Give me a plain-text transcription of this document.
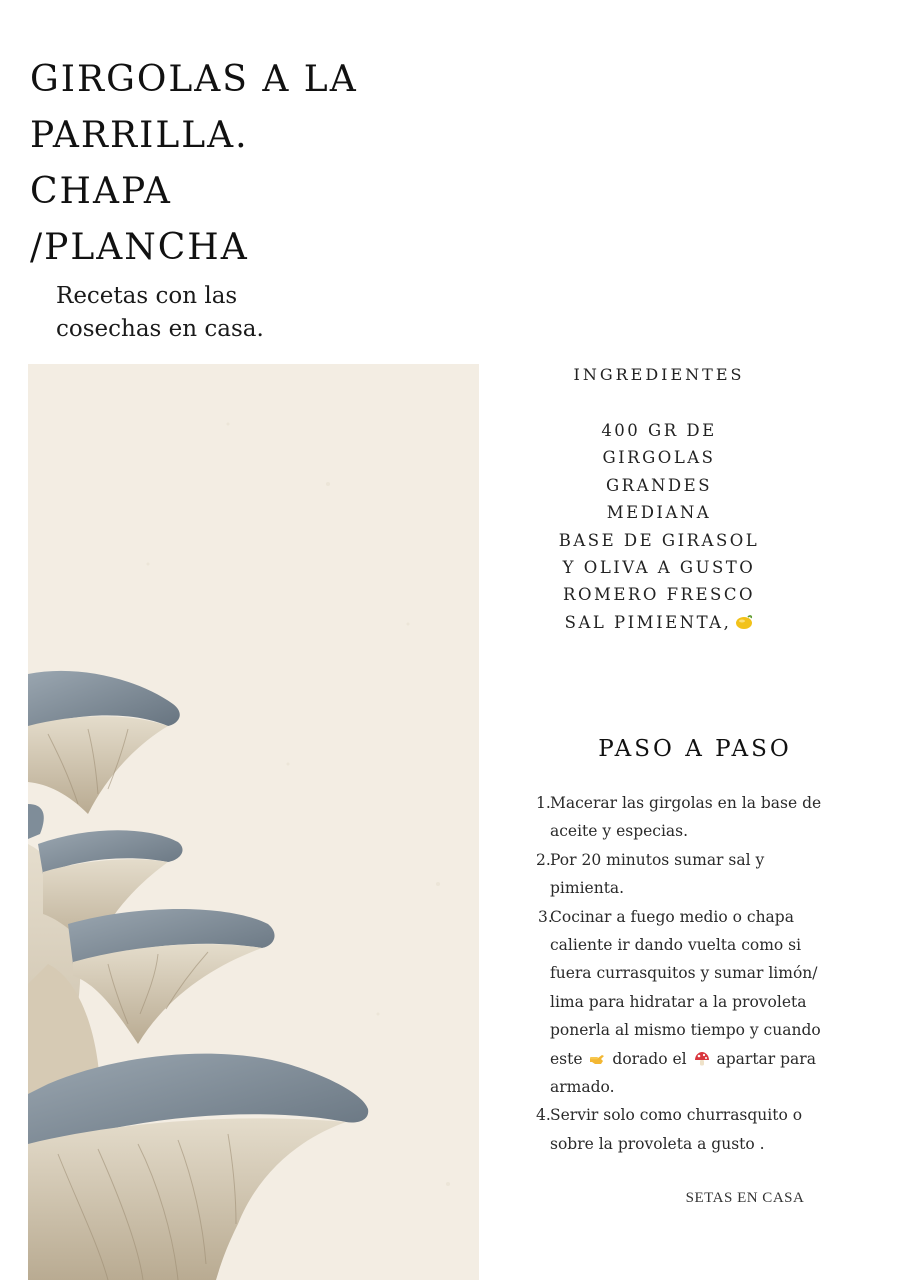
GIRGOLAS A LA
PARRILLA.
CHAPA
/PLANCHA
Recetas con las
cosechas en casa.
INGREDIENTES
400 GR DE
GIRGOLAS
GRANDES
MEDIANA
BASE DE GIRASOL
Y OLIVA A GUSTO
ROMERO FRESCO
SAL PIMIENTA,
PASO A PASO
1. Macerar las girgolas en la base de
aceite y especias.
2. Por 20 minutos sumar sal y
pimienta.
3.
Cocinar a fuego medio o chapa
caliente ir dando vuelta como si
fuera currasquitos y sumar limón/
lima para hidratar a la provoleta
ponerla al mismo tiempo y cuando
este dorado el apartar para
armado.
4. Servir solo como churrasquito o
sobre la provoleta a gusto .
SETAS EN CASA
